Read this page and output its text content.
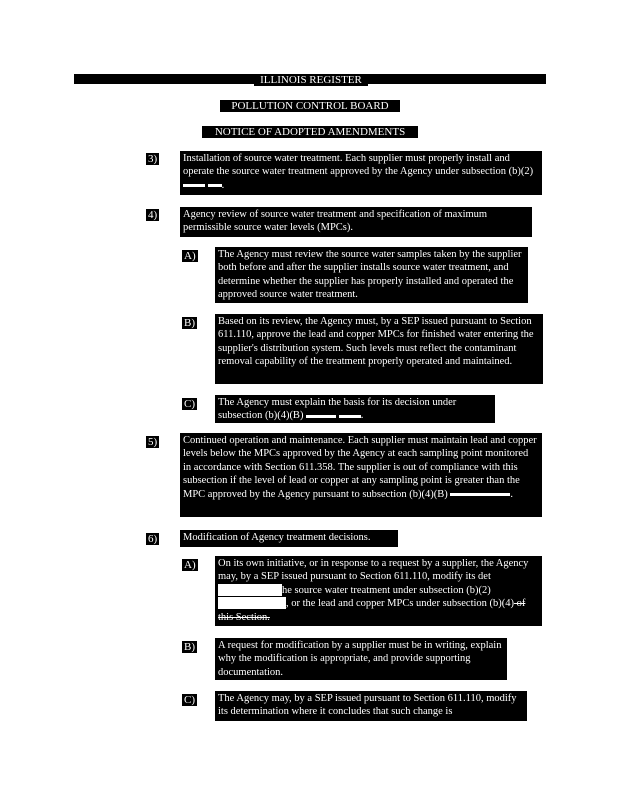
ILLINOIS REGISTER
POLLUTION CONTROL BOARD
NOTICE OF ADOPTED AMENDMENTS
3) Installation of source water treatment. Each supplier must properly install and operate the source water treatment approved by the Agency under subsection (b)(2)  .
4) Agency review of source water treatment and specification of maximum permissible source water levels (MPCs).
A) The Agency must review the source water samples taken by the supplier both before and after the supplier installs source water treatment, and determine whether the supplier has properly installed and operated the approved source water treatment.
B) Based on its review, the Agency must, by a SEP issued pursuant to Section 611.110, approve the lead and copper MPCs for finished water entering the supplier's distribution system. Such levels must reflect the contaminant removal capability of the treatment properly operated and maintained.
C) The Agency must explain the basis for its decision under subsection (b)(4)(B)	.
5) Continued operation and maintenance. Each supplier must maintain lead and copper levels below the MPCs approved by the Agency at each sampling point monitored in accordance with Section 611.358. The supplier is out of compliance with this subsection if the level of lead or copper at any sampling point is greater than the MPC approved by the Agency pursuant to subsection (b)(4)(B)	.
6) Modification of Agency treatment decisions.
A) On its own initiative, or in response to a request by a supplier, the Agency may, by a SEP issued pursuant to Section 611.110, modify its dethe source water treatment under subsection (b)(2) , or the lead and copper MPCs under subsection (b)(4) of this Section.
B) A request for modification by a supplier must be in writing, explain why the modification is appropriate, and provide supporting documentation.
C) The Agency may, by a SEP issued pursuant to Section 611.110, modify its determination where it concludes that such change is
